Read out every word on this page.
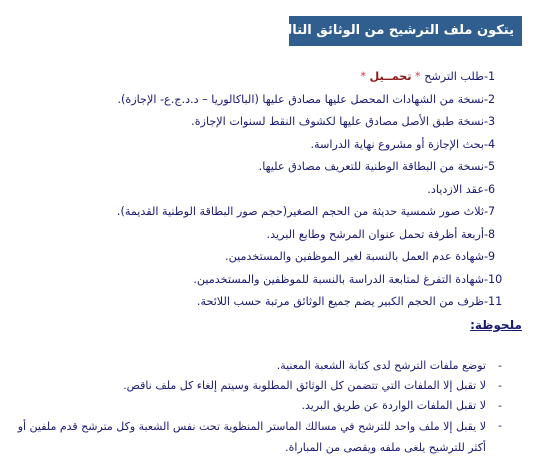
يتكون ملف الترشيح من الوثائق التالية:
-1
طلب الترشح * تحمــيل *
-2
نسخة من الشهادات المحصل عليها مصادق عليها (الباكالوريا – د.د.ج.ع- الإجازة).
-3
نسخة طبق الأصل مصادق عليها لكشوف النقط لسنوات الإجازة.
-4
بحث الإجازة أو مشروع نهاية الدراسة.
-5
نسخة من البطاقة الوطنية للتعريف مصادق عليها.
-6
عقد الازدياد.
-7
ثلاث صور شمسية حديثة من الحجم الصغير(حجم صور البطاقة الوطنية القديمة).
-8
أربعة أظرفة تحمل عنوان المرشح وطابع البريد.
-9
شهادة عدم العمل بالنسبة لغير الموظفين والمستخدمين.
-10
شهادة التفرغ لمتابعة الدراسة بالنسبة للموظفين والمستخدمين.
-11
ظرف من الحجم الكبير يضم جميع الوثائق مرتبة حسب اللائحة.
ملحوظة:
-
توضع ملفات الترشح لدى كتابة الشعبة المعنية.
-
لا تقبل إلا الملفات التي تتضمن كل الوثائق المطلوبة وسيتم إلغاء كل ملف ناقص.
-
لا تقبل الملفات الواردة عن طريق البريد.
-
لا يقبل إلا ملف واحد للترشح في مسالك الماستر المنظوية تحت نفس الشعبة وكل مترشح قدم ملفين أو أكثر للترشيح يلغى ملفه ويقصى من المباراة.
